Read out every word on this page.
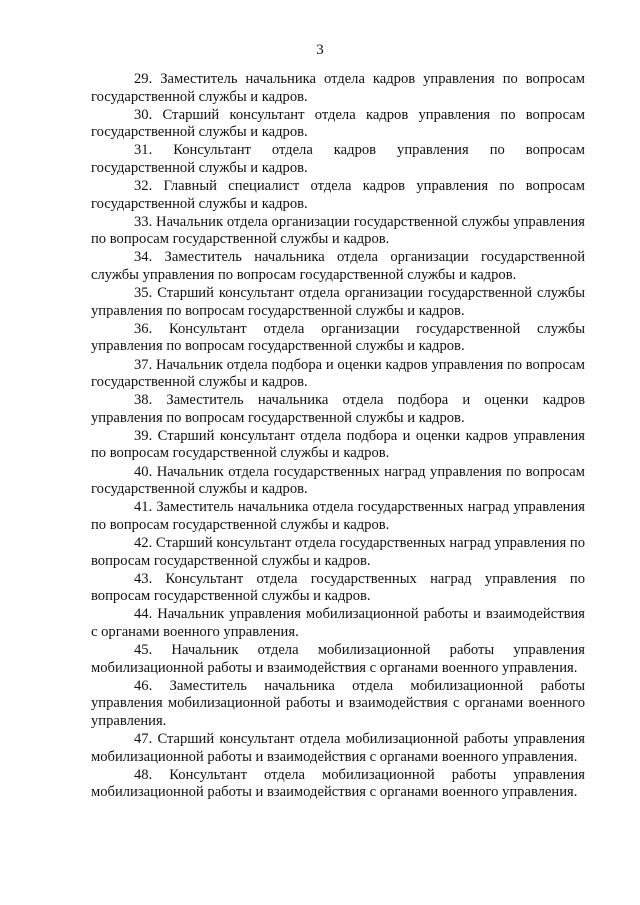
3

29. Заместитель начальника отдела кадров управления по вопросам государственной службы и кадров.

30. Старший консультант отдела кадров управления по вопросам государственной службы и кадров.

31. Консультант отдела кадров управления по вопросам государственной службы и кадров.

32. Главный специалист отдела кадров управления по вопросам государственной службы и кадров.

33. Начальник отдела организации государственной службы управления по вопросам государственной службы и кадров.

34. Заместитель начальника отдела организации государственной службы управления по вопросам государственной службы и кадров.

35. Старший консультант отдела организации государственной службы управления по вопросам государственной службы и кадров.

36. Консультант отдела организации государственной службы управления по вопросам государственной службы и кадров.

37. Начальник отдела подбора и оценки кадров управления по вопросам государственной службы и кадров.

38. Заместитель начальника отдела подбора и оценки кадров управления по вопросам государственной службы и кадров.

39. Старший консультант отдела подбора и оценки кадров управления по вопросам государственной службы и кадров.

40. Начальник отдела государственных наград управления по вопросам государственной службы и кадров.

41. Заместитель начальника отдела государственных наград управления по вопросам государственной службы и кадров.

42. Старший консультант отдела государственных наград управления по вопросам государственной службы и кадров.

43. Консультант отдела государственных наград управления по вопросам государственной службы и кадров.

44. Начальник управления мобилизационной работы и взаимодействия с органами военного управления.

45. Начальник отдела мобилизационной работы управления мобилизационной работы и взаимодействия с органами военного управления.

46. Заместитель начальника отдела мобилизационной работы управления мобилизационной работы и взаимодействия с органами военного управления.

47. Старший консультант отдела мобилизационной работы управления мобилизационной работы и взаимодействия с органами военного управления.

48. Консультант отдела мобилизационной работы управления мобилизационной работы и взаимодействия с органами военного управления.
